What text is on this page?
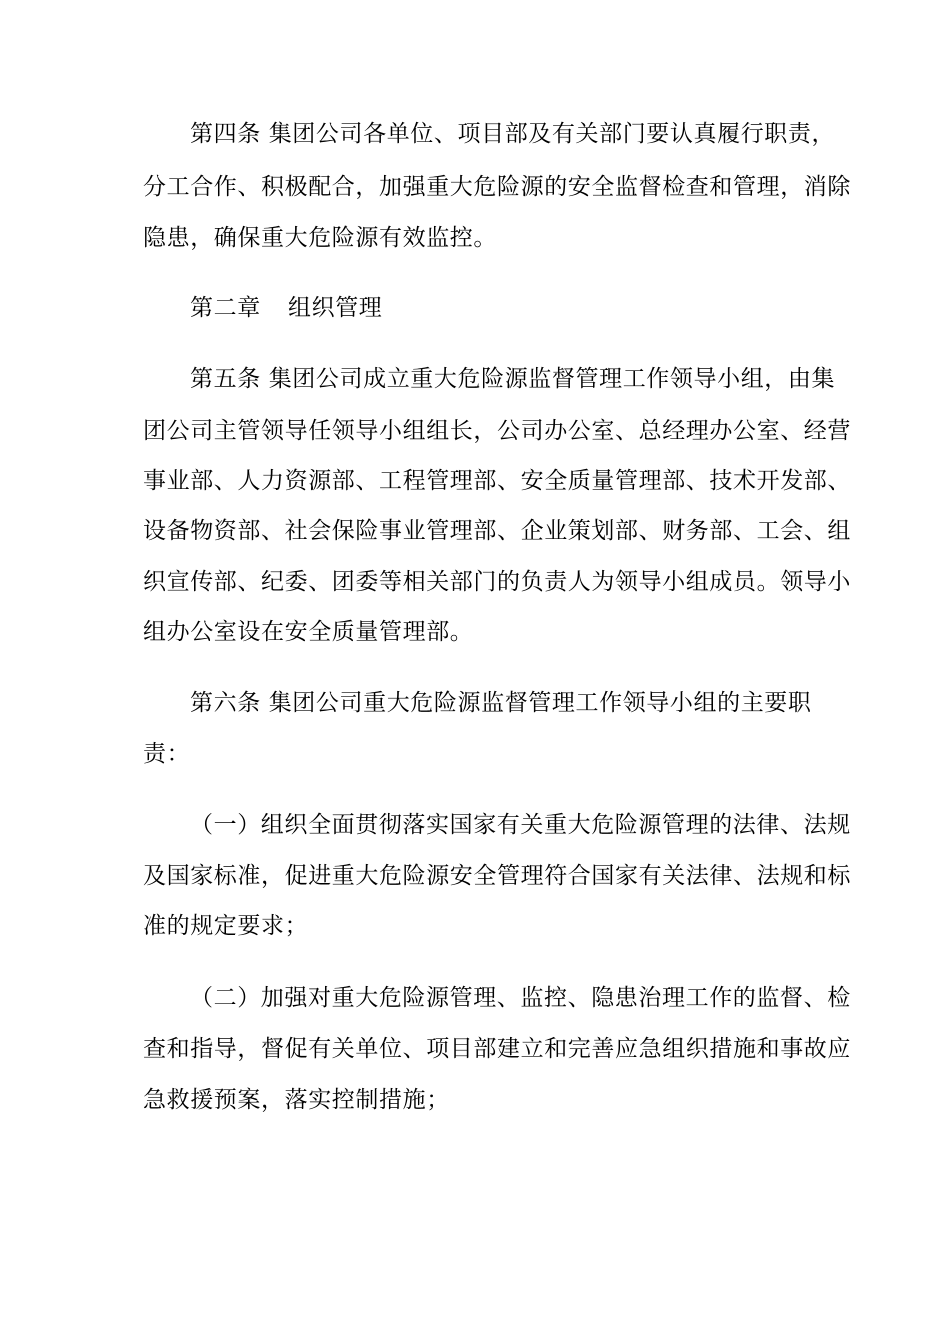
第四条 集团公司各单位、项目部及有关部门要认真履行职责，
分工合作、积极配合，加强重大危险源的安全监督检查和管理，消除
隐患，确保重大危险源有效监控。
第二章 组织管理
第五条 集团公司成立重大危险源监督管理工作领导小组，由集
团公司主管领导任领导小组组长，公司办公室、总经理办公室、经营
事业部、人力资源部、工程管理部、安全质量管理部、技术开发部、
设备物资部、社会保险事业管理部、企业策划部、财务部、工会、组
织宣传部、纪委、团委等相关部门的负责人为领导小组成员。领导小
组办公室设在安全质量管理部。
第六条 集团公司重大危险源监督管理工作领导小组的主要职
责：
（一）组织全面贯彻落实国家有关重大危险源管理的法律、法规
及国家标准，促进重大危险源安全管理符合国家有关法律、法规和标
准的规定要求；
（二）加强对重大危险源管理、监控、隐患治理工作的监督、检
查和指导，督促有关单位、项目部建立和完善应急组织措施和事故应
急救援预案，落实控制措施；
